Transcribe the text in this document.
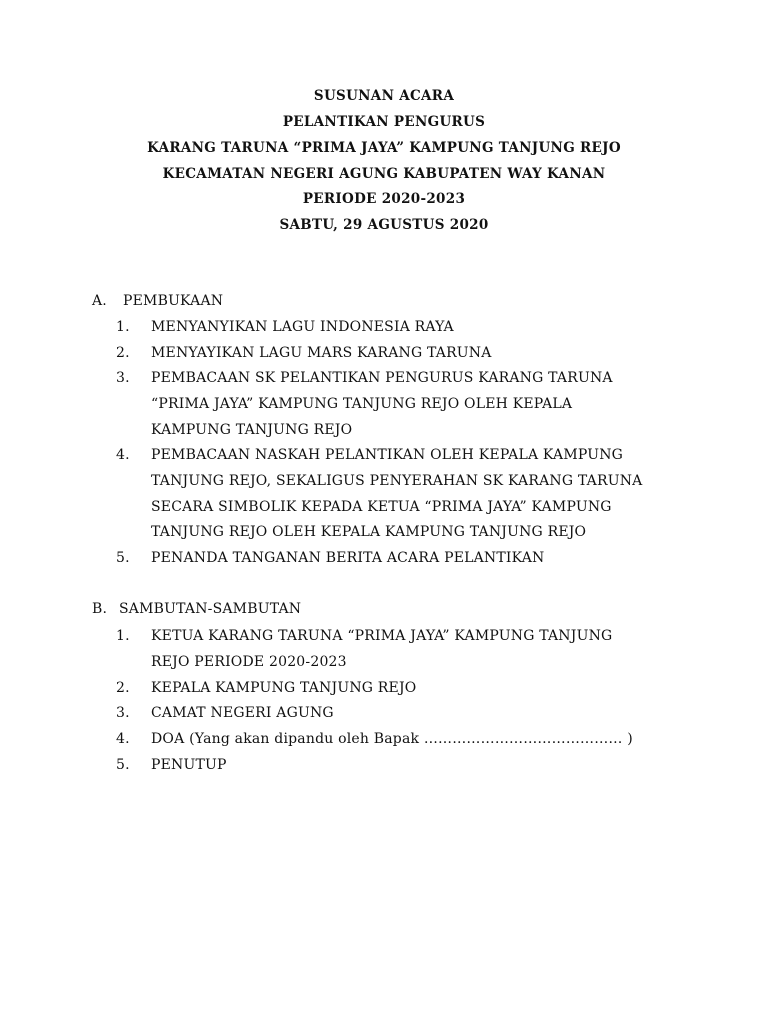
SUSUNAN ACARA
PELANTIKAN PENGURUS
KARANG TARUNA “PRIMA JAYA” KAMPUNG TANJUNG REJO
KECAMATAN NEGERI AGUNG KABUPATEN WAY KANAN
PERIODE 2020-2023
SABTU, 29 AGUSTUS 2020
A. PEMBUKAAN
1. MENYANYIKAN LAGU INDONESIA RAYA
2. MENYAYIKAN LAGU MARS KARANG TARUNA
3. PEMBACAAN SK PELANTIKAN PENGURUS KARANG TARUNA
“PRIMA JAYA” KAMPUNG TANJUNG REJO OLEH KEPALA
KAMPUNG TANJUNG REJO
4. PEMBACAAN NASKAH PELANTIKAN OLEH KEPALA KAMPUNG
TANJUNG REJO, SEKALIGUS PENYERAHAN SK KARANG TARUNA
SECARA SIMBOLIK KEPADA KETUA “PRIMA JAYA” KAMPUNG
TANJUNG REJO OLEH KEPALA KAMPUNG TANJUNG REJO
5. PENANDA TANGANAN BERITA ACARA PELANTIKAN
B. SAMBUTAN-SAMBUTAN
1. KETUA KARANG TARUNA “PRIMA JAYA” KAMPUNG TANJUNG
REJO PERIODE 2020-2023
2. KEPALA KAMPUNG TANJUNG REJO
3. CAMAT NEGERI AGUNG
4. DOA (Yang akan dipandu oleh Bapak …………………………………… )
5. PENUTUP
